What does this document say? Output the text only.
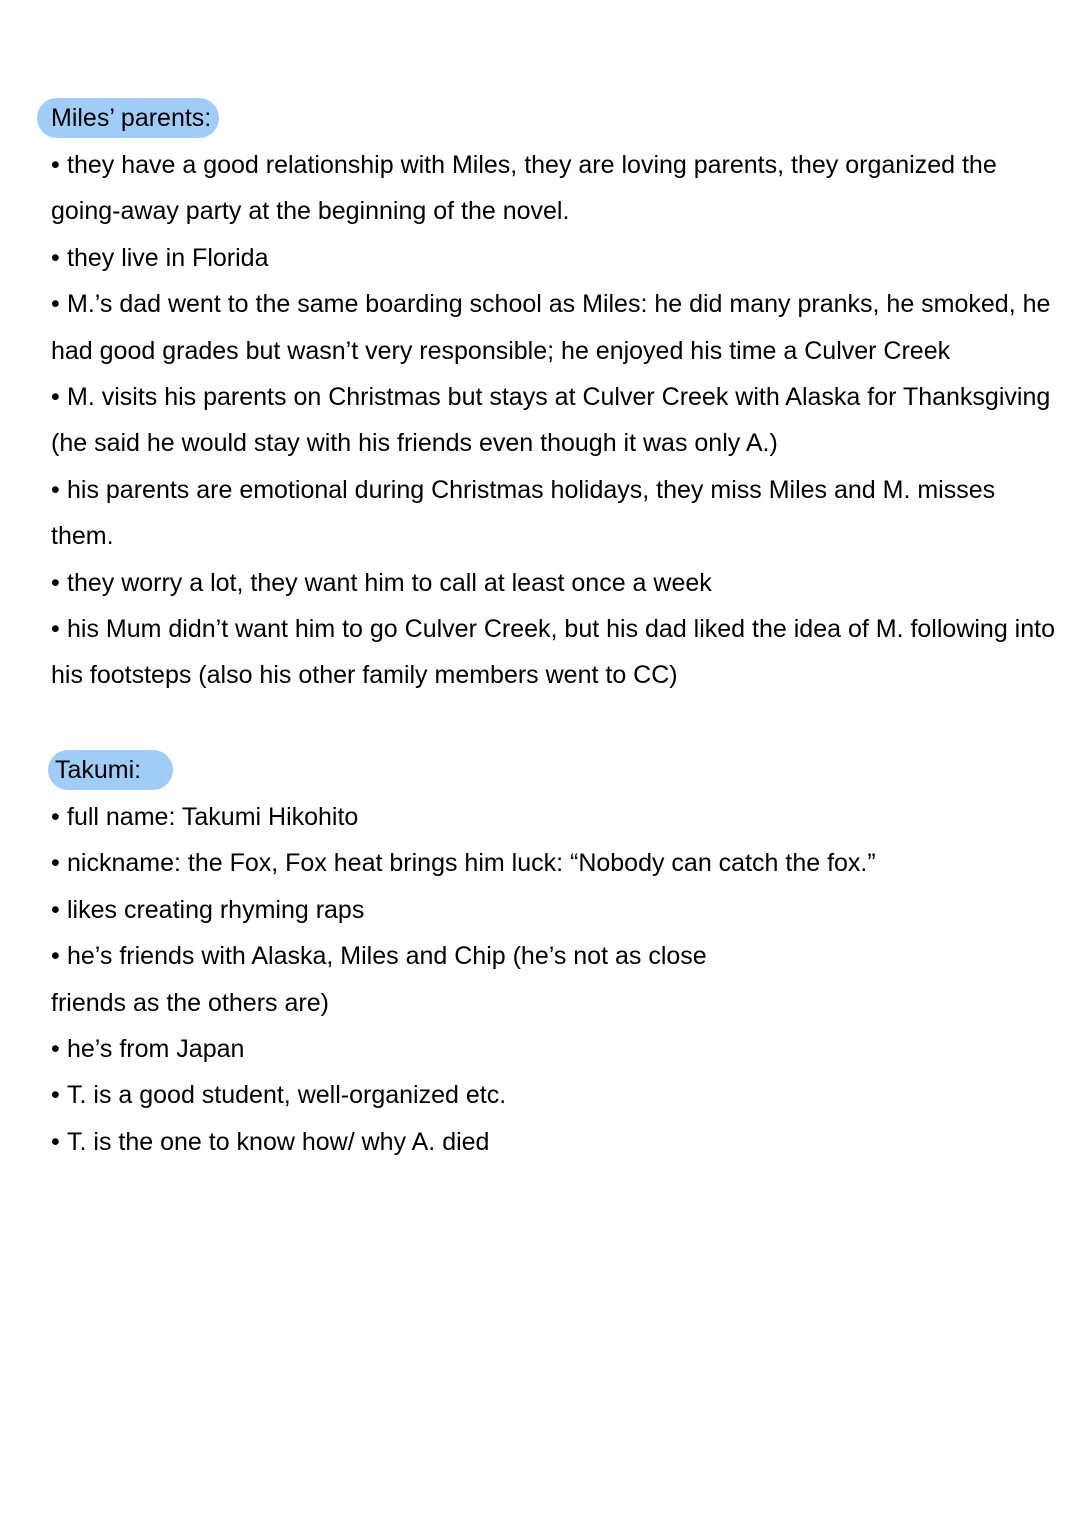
Miles’ parents:
• they have a good relationship with Miles, they are loving parents, they organized the going-away party at the beginning of the novel.
• they live in Florida
• M.’s dad went to the same boarding school as Miles: he did many pranks, he smoked, he had good grades but wasn’t very responsible; he enjoyed his time a Culver Creek
• M. visits his parents on Christmas but stays at Culver Creek with Alaska for Thanksgiving (he said he would stay with his friends even though it was only A.)
• his parents are emotional during Christmas holidays, they miss Miles and M. misses them.
• they worry a lot, they want him to call at least once a week
• his Mum didn’t want him to go Culver Creek, but his dad liked the idea of M. following into his footsteps (also his other family members went to CC)
Takumi:
• full name: Takumi Hikohito
• nickname: the Fox, Fox heat brings him luck: “Nobody can catch the fox.”
• likes creating rhyming raps
• he’s friends with Alaska, Miles and Chip (he’s not as close
friends as the others are)
• he’s from Japan
• T. is a good student, well-organized etc.
• T. is the one to know how/ why A. died
